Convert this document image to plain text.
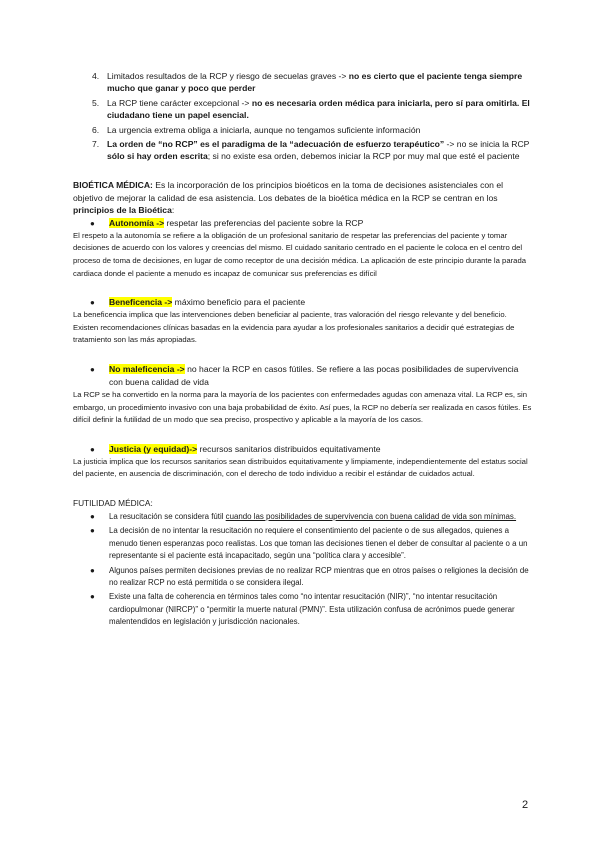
4. Limitados resultados de la RCP y riesgo de secuelas graves -> no es cierto que el paciente tenga siempre mucho que ganar y poco que perder
5. La RCP tiene carácter excepcional -> no es necesaria orden médica para iniciarla, pero sí para omitirla. El ciudadano tiene un papel esencial.
6. La urgencia extrema obliga a iniciarla, aunque no tengamos suficiente información
7. La orden de “no RCP” es el paradigma de la “adecuación de esfuerzo terapéutico” -> no se inicia la RCP sólo si hay orden escrita; si no existe esa orden, debemos iniciar la RCP por muy mal que esté el paciente

BIOÉTICA MÉDICA: Es la incorporación de los principios bioéticos en la toma de decisiones asistenciales con el objetivo de mejorar la calidad de esa asistencia. Los debates de la bioética médica en la RCP se centran en los principios de la Bioética:

● Autonomía -> respetar las preferencias del paciente sobre la RCP

El respeto a la autonomía se refiere a la obligación de un profesional sanitario de respetar las preferencias del paciente y tomar decisiones de acuerdo con los valores y creencias del mismo. El cuidado sanitario centrado en el paciente le coloca en el centro del proceso de toma de decisiones, en lugar de como receptor de una decisión médica. La aplicación de este principio durante la parada cardiaca donde el paciente a menudo es incapaz de comunicar sus preferencias es difícil

● Beneficencia -> máximo beneficio para el paciente

La beneficencia implica que las intervenciones deben beneficiar al paciente, tras valoración del riesgo relevante y del beneficio. Existen recomendaciones clínicas basadas en la evidencia para ayudar a los profesionales sanitarios a decidir qué estrategias de tratamiento son las más apropiadas.

● No maleficencia -> no hacer la RCP en casos fútiles. Se refiere a las pocas posibilidades de supervivencia con buena calidad de vida

La RCP se ha convertido en la norma para la mayoría de los pacientes con enfermedades agudas con amenaza vital. La RCP es, sin embargo, un procedimiento invasivo con una baja probabilidad de éxito. Así pues, la RCP no debería ser realizada en casos fútiles. Es difícil definir la futilidad de un modo que sea preciso, prospectivo y aplicable a la mayoría de los casos.

● Justicia (y equidad)-> recursos sanitarios distribuidos equitativamente

La justicia implica que los recursos sanitarios sean distribuidos equitativamente y limpiamente, independientemente del estatus social del paciente, en ausencia de discriminación, con el derecho de todo individuo a recibir el estándar de cuidados actual.

FUTILIDAD MÉDICA:

● La resucitación se considera fútil cuando las posibilidades de supervivencia con buena calidad de vida son mínimas.
● La decisión de no intentar la resucitación no requiere el consentimiento del paciente o de sus allegados, quienes a menudo tienen esperanzas poco realistas. Los que toman las decisiones tienen el deber de consultar al paciente o a un representante si el paciente está incapacitado, según una “política clara y accesible”.
● Algunos países permiten decisiones previas de no realizar RCP mientras que en otros países o religiones la decisión de no realizar RCP no está permitida o se considera ilegal.
● Existe una falta de coherencia en términos tales como “no intentar resucitación (NIR)”, “no intentar resucitación cardiopulmonar (NIRCP)” o “permitir la muerte natural (PMN)”. Esta utilización confusa de acrónimos puede generar malentendidos en legislación y jurisdicción nacionales.
2
